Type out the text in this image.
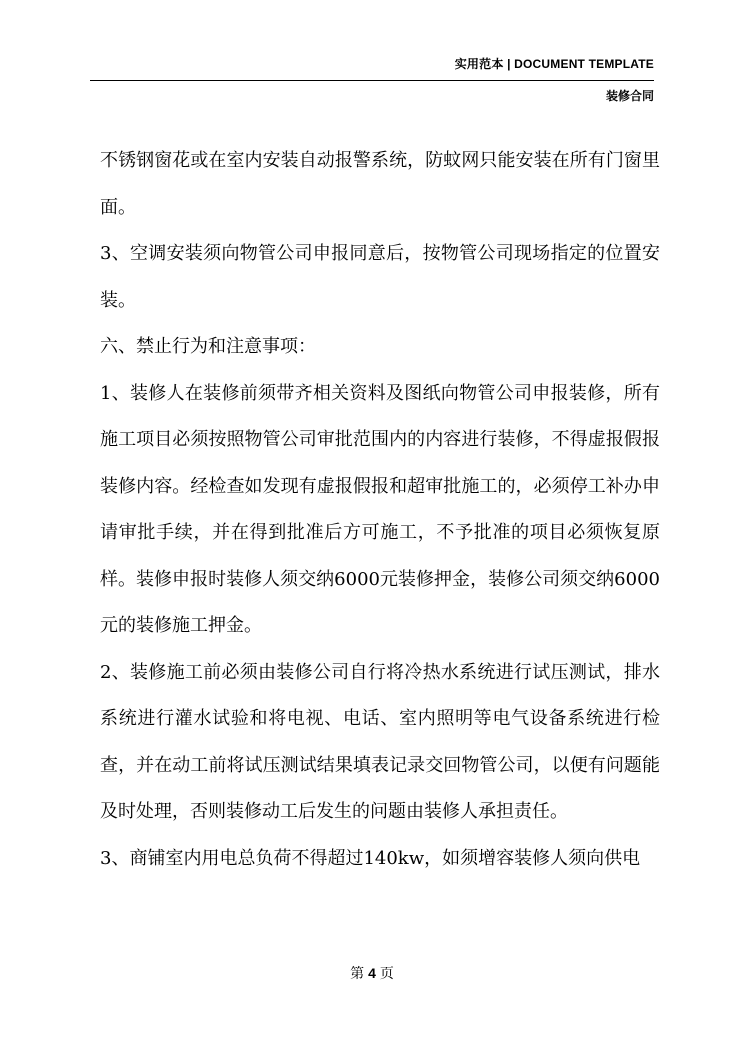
实用范本 | DOCUMENT TEMPLATE
装修合同

不锈钢窗花或在室内安装自动报警系统，防蚊网只能安装在所有门窗里面。

3、空调安装须向物管公司申报同意后，按物管公司现场指定的位置安装。

六、禁止行为和注意事项：

1、装修人在装修前须带齐相关资料及图纸向物管公司申报装修，所有施工项目必须按照物管公司审批范围内的内容进行装修，不得虚报假报装修内容。经检查如发现有虚报假报和超审批施工的，必须停工补办申请审批手续，并在得到批准后方可施工，不予批准的项目必须恢复原样。装修申报时装修人须交纳6000元装修押金，装修公司须交纳6000元的装修施工押金。

2、装修施工前必须由装修公司自行将冷热水系统进行试压测试，排水系统进行灌水试验和将电视、电话、室内照明等电气设备系统进行检查，并在动工前将试压测试结果填表记录交回物管公司，以便有问题能及时处理，否则装修动工后发生的问题由装修人承担责任。

3、商铺室内用电总负荷不得超过140kw，如须增容装修人须向供电

第 4 页
